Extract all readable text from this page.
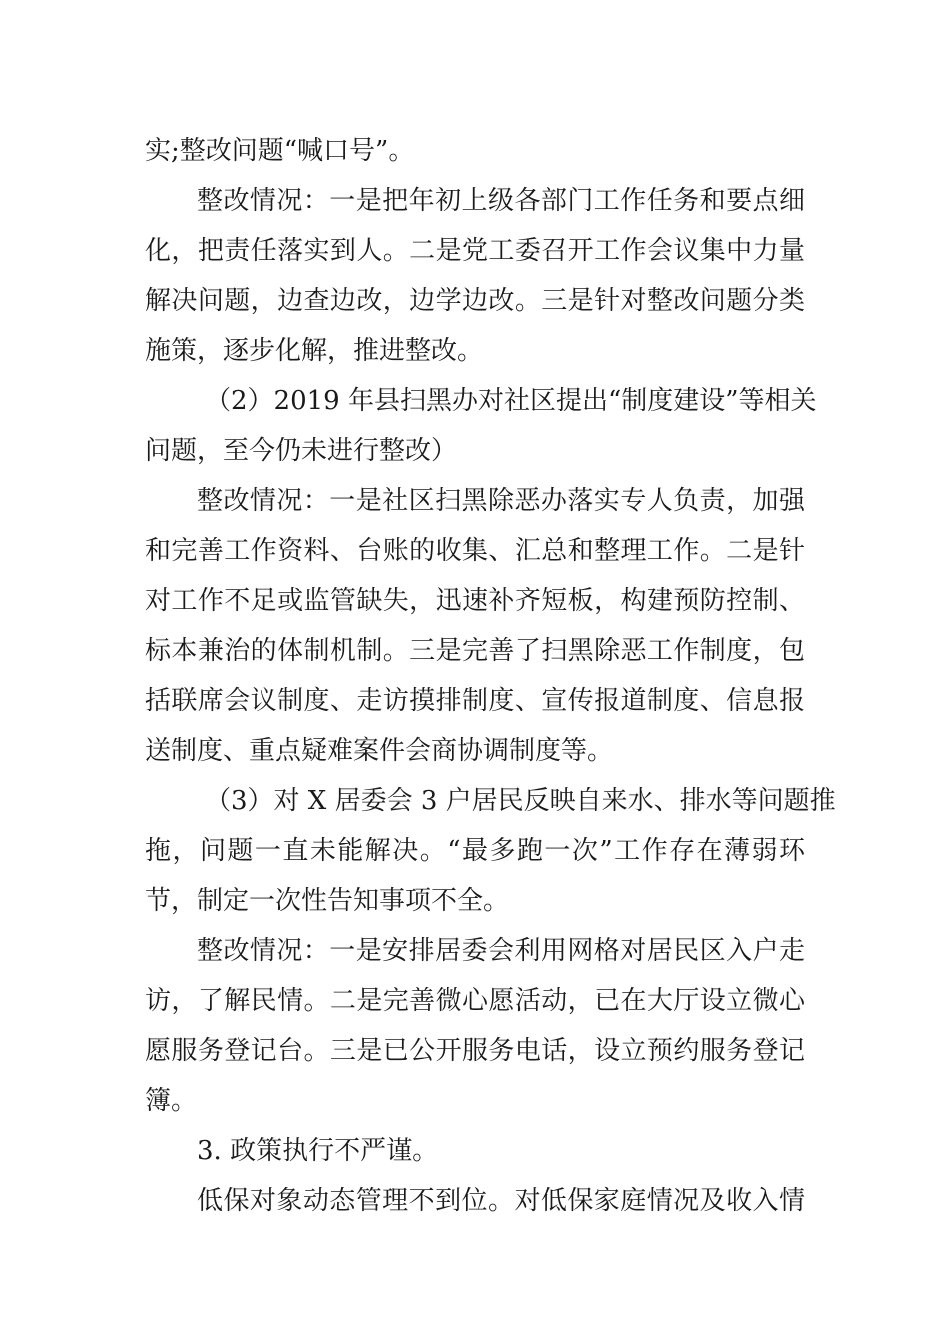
实;整改问题“喊口号”。
整改情况：一是把年初上级各部门工作任务和要点细
化，把责任落实到人。二是党工委召开工作会议集中力量
解决问题，边查边改，边学边改。三是针对整改问题分类
施策，逐步化解，推进整改。
（2）2019 年县扫黑办对社区提出“制度建设”等相关
问题，至今仍未进行整改）
整改情况：一是社区扫黑除恶办落实专人负责，加强
和完善工作资料、台账的收集、汇总和整理工作。二是针
对工作不足或监管缺失，迅速补齐短板，构建预防控制、
标本兼治的体制机制。三是完善了扫黑除恶工作制度，包
括联席会议制度、走访摸排制度、宣传报道制度、信息报
送制度、重点疑难案件会商协调制度等。
（3）对 X 居委会 3 户居民反映自来水、排水等问题推
拖，问题一直未能解决。“最多跑一次”工作存在薄弱环
节，制定一次性告知事项不全。
整改情况：一是安排居委会利用网格对居民区入户走
访，了解民情。二是完善微心愿活动，已在大厅设立微心
愿服务登记台。三是已公开服务电话，设立预约服务登记
簿。
3. 政策执行不严谨。
低保对象动态管理不到位。对低保家庭情况及收入情
